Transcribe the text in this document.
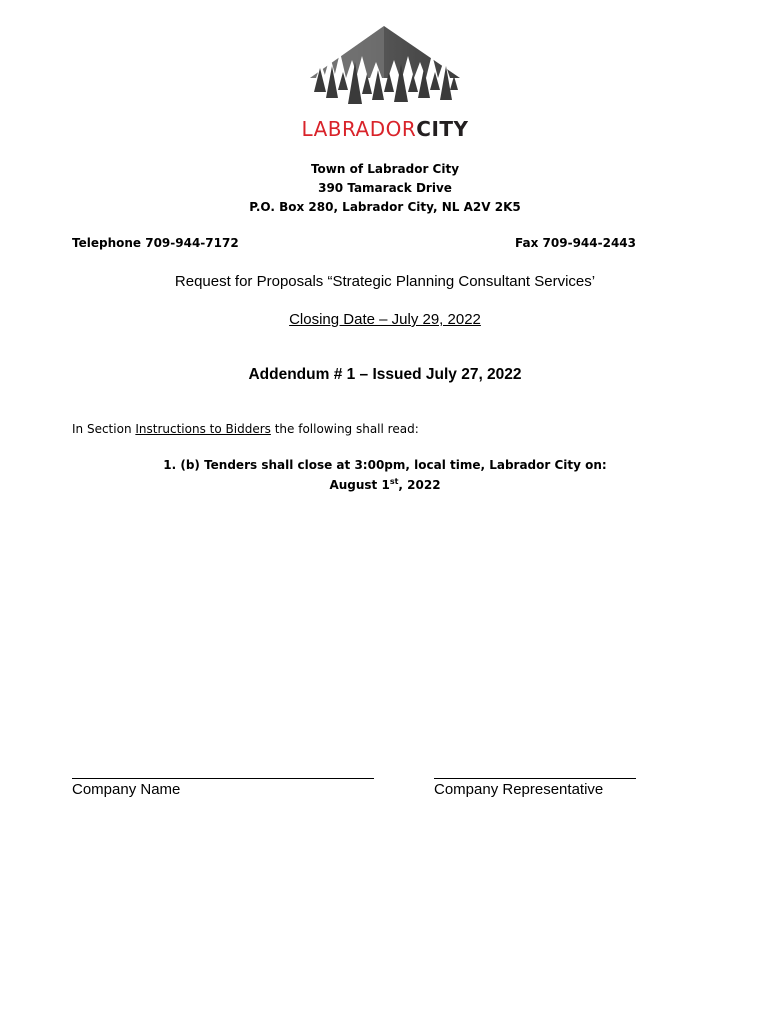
LABRADORCITY
Town of Labrador City
390 Tamarack Drive
P.O. Box 280, Labrador City, NL A2V 2K5
Telephone 709-944-7172	Fax 709-944-2443
Request for Proposals “Strategic Planning Consultant Services’
Closing Date – July 29, 2022
Addendum # 1 – Issued July 27, 2022
In Section Instructions to Bidders the following shall read:
1. (b) Tenders shall close at 3:00pm, local time, Labrador City on:
August 1st, 2022
Company Name	Company Representative
